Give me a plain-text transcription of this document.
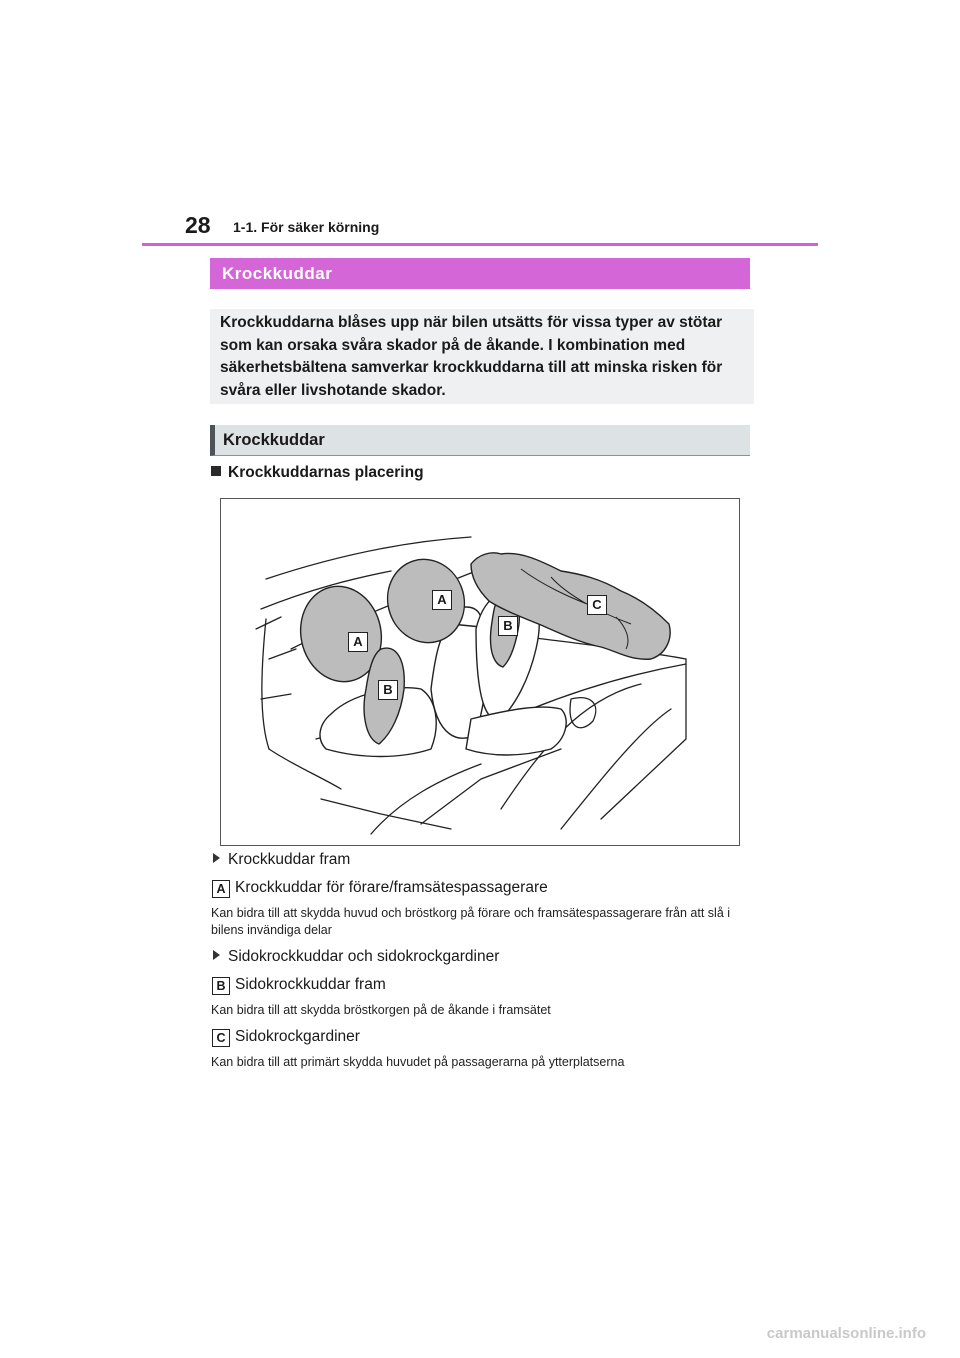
28 1-1. För säker körning
Krockkuddar
Krockkuddarna blåses upp när bilen utsätts för vissa typer av stötar som kan orsaka svåra skador på de åkande. I kombination med säkerhetsbältena samverkar krockkuddarna till att minska risken för svåra eller livshotande skador.
Krockkuddar
Krockkuddarnas placering
A
A
B
B
C
Krockkuddar fram
A Krockkuddar för förare/framsätespassagerare
Kan bidra till att skydda huvud och bröstkorg på förare och framsätespassagerare från att slå i bilens invändiga delar
Sidokrockkuddar och sidokrockgardiner
B Sidokrockkuddar fram
Kan bidra till att skydda bröstkorgen på de åkande i framsätet
C Sidokrockgardiner
Kan bidra till att primärt skydda huvudet på passagerarna på ytterplatserna
carmanualsonline.info
